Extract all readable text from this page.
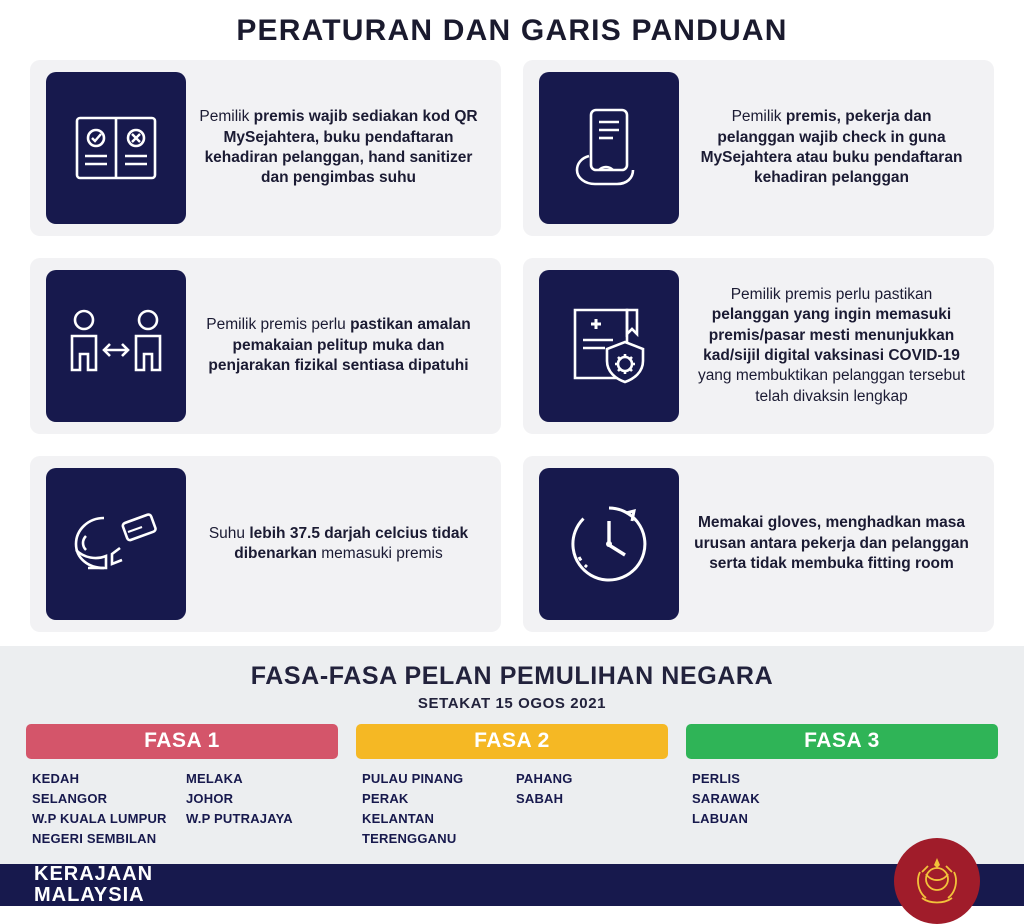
PERATURAN DAN GARIS PANDUAN
Pemilik premis wajib sediakan kod QR MySejahtera, buku pendaftaran kehadiran pelanggan, hand sanitizer dan pengimbas suhu
Pemilik premis, pekerja dan pelanggan wajib check in guna MySejahtera atau buku pendaftaran kehadiran pelanggan
Pemilik premis perlu pastikan amalan pemakaian pelitup muka dan penjarakan fizikal sentiasa dipatuhi
Pemilik premis perlu pastikan pelanggan yang ingin memasuki premis/pasar mesti menunjukkan kad/sijil digital vaksinasi COVID-19 yang membuktikan pelanggan tersebut telah divaksin lengkap
Suhu lebih 37.5 darjah celcius tidak dibenarkan memasuki premis
Memakai gloves, menghadkan masa urusan antara pekerja dan pelanggan serta tidak membuka fitting room
FASA-FASA PELAN PEMULIHAN NEGARA
SETAKAT 15 OGOS 2021
FASA 1
KEDAH	MELAKA
SELANGOR	JOHOR
W.P KUALA LUMPUR	W.P PUTRAJAYA
NEGERI SEMBILAN
FASA 2
PULAU PINANG	PAHANG
PERAK	SABAH
KELANTAN
TERENGGANU
FASA 3
PERLIS
SARAWAK
LABUAN
KERAJAAN
MALAYSIA
